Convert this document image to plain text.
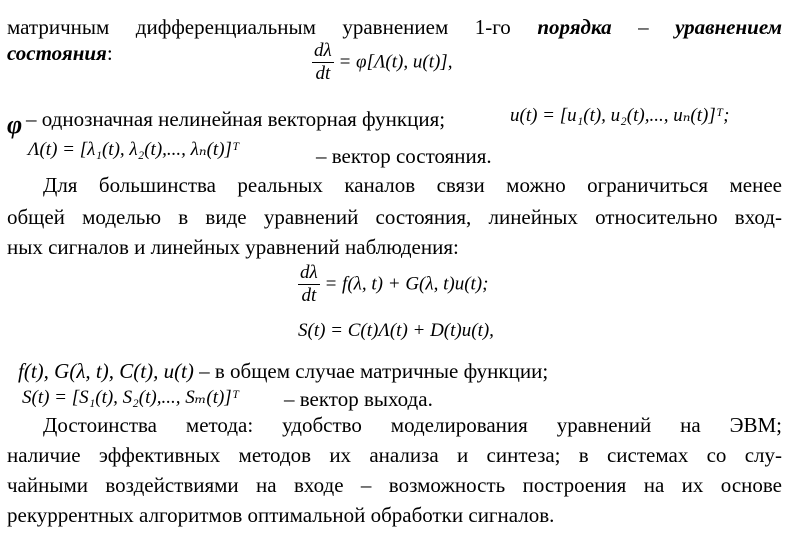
матричным дифференциальным уравнением 1-го порядка – уравнением
состояния:	$\frac{d\lambda}{dt} = \varphi[\Lambda(t)$, u(t)],
φ – однозначная нелинейная векторная функция;	u(t) = [u₁(t), u₂(t),..., uₙ(t)]ᵀ;
Λ(t) = [λ₁(t), λ₂(t),..., λₙ(t)]ᵀ	– вектор состояния.
Для большинства реальных каналов связи можно ограничиться менее
общей моделью в виде уравнений состояния, линейных относительно вход-
ных сигналов и линейных уравнений наблюдения:
$\frac{d\lambda}{dt} = f(\lambda$, t) + G(λ, t)u(t);
S(t) = C(t)Λ(t) + D(t)u(t),
f(t), G(λ, t), C(t), u(t) – в общем случае матричные функции;
S(t) = [S₁(t), S₂(t),..., Sₘ(t)]ᵀ – вектор выхода.
Достоинства метода: удобство моделирования уравнений на ЭВМ;
наличие эффективных методов их анализа и синтеза; в системах со слу-
чайными воздействиями на входе – возможность построения на их основе
рекуррентных алгоритмов оптимальной обработки сигналов.
